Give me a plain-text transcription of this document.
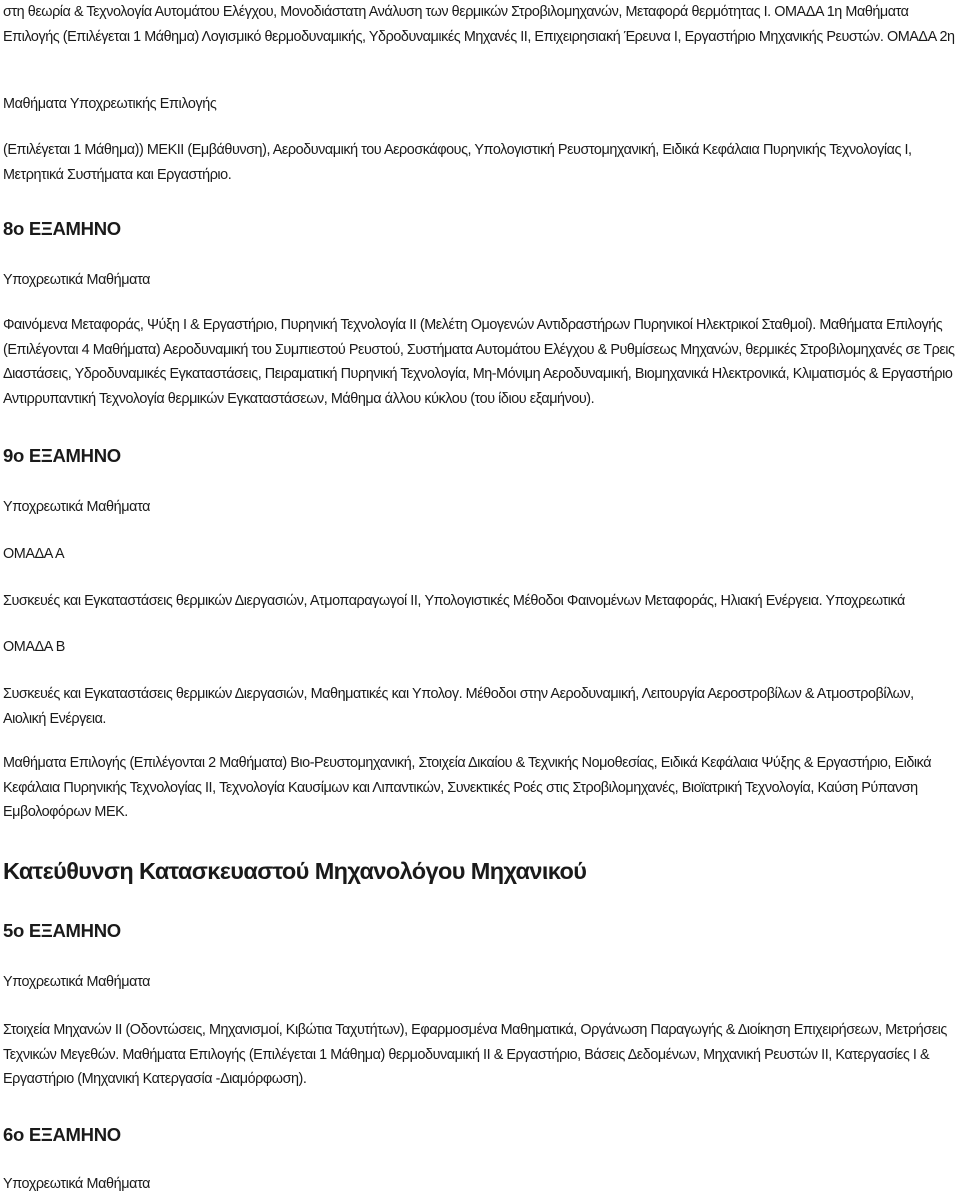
στη θεωρία & Τεχνολογία Αυτομάτου Ελέγχου, Μονοδιάστατη Ανάλυση των θερμικών Στροβιλομηχανών, Μεταφορά θερμότητας I. ΟΜΑΔΑ 1η Μαθήματα Επιλογής (Επιλέγεται 1 Μάθημα) Λογισμικό θερμοδυναμικής, Υδροδυναμικές Μηχανές II, Επιχειρησιακή Έρευνα I, Εργαστήριο Μηχανικής Ρευστών. ΟΜΑΔΑ 2η
Μαθήματα Υποχρεωτικής Επιλογής
(Επιλέγεται 1 Μάθημα)) ΜΕΚΙΙ (Εμβάθυνση), Αεροδυναμική του Αεροσκάφους, Υπολογιστική Ρευστομηχανική, Ειδικά Κεφάλαια Πυρηνικής Τεχνολογίας I, Μετρητικά Συστήματα και Εργαστήριο.
8ο ΕΞΑΜΗΝΟ
Υποχρεωτικά Μαθήματα
Φαινόμενα Μεταφοράς, Ψύξη I & Εργαστήριο, Πυρηνική Τεχνολογία II (Μελέτη Ομογενών Αντιδραστήρων Πυρηνικοί Ηλεκτρικοί Σταθμοί). Μαθήματα Επιλογής (Επιλέγονται 4 Μαθήματα) Αεροδυναμική του Συμπιεστού Ρευστού, Συστήματα Αυτομάτου Ελέγχου & Ρυθμίσεως Μηχανών, θερμικές Στροβιλομηχανές σε Τρεις Διαστάσεις, Υδροδυναμικές Εγκαταστάσεις, Πειραματική Πυρηνική Τεχνολογία, Μη-Μόνιμη Αεροδυναμική, Βιομηχανικά Ηλεκτρονικά, Κλιματισμός & Εργαστήριο Αντιρρυπαντική Τεχνολογία θερμικών Εγκαταστάσεων, Μάθημα άλλου κύκλου (του ίδιου εξαμήνου).
9ο ΕΞΑΜΗΝΟ
Υποχρεωτικά Μαθήματα
ΟΜΑΔΑ Α
Συσκευές και Εγκαταστάσεις θερμικών Διεργασιών, Ατμοπαραγωγοί II, Υπολογιστικές Μέθοδοι Φαινομένων Μεταφοράς, Ηλιακή Ενέργεια. Υποχρεωτικά
ΟΜΑΔΑ Β
Συσκευές και Εγκαταστάσεις θερμικών Διεργασιών, Μαθηματικές και Υπολογ. Μέθοδοι στην Αεροδυναμική, Λειτουργία Αεροστροβίλων & Ατμοστροβίλων, Αιολική Ενέργεια.
Μαθήματα Επιλογής (Επιλέγονται 2 Μαθήματα) Βιο-Ρευστομηχανική, Στοιχεία Δικαίου & Τεχνικής Νομοθεσίας, Ειδικά Κεφάλαια Ψύξης & Εργαστήριο, Ειδικά Κεφάλαια Πυρηνικής Τεχνολογίας II, Τεχνολογία Καυσίμων και Λιπαντικών, Συνεκτικές Ροές στις Στροβιλομηχανές, Βιοϊατρική Τεχνολογία, Καύση Ρύπανση Εμβολοφόρων ΜΕΚ.
Κατεύθυνση Κατασκευαστού Μηχανολόγου Μηχανικού
5ο ΕΞΑΜΗΝΟ
Υποχρεωτικά Μαθήματα
Στοιχεία Μηχανών II (Οδοντώσεις, Μηχανισμοί, Κιβώτια Ταχυτήτων), Εφαρμοσμένα Μαθηματικά, Οργάνωση Παραγωγής & Διοίκηση Επιχειρήσεων, Μετρήσεις Τεχνικών Μεγεθών. Μαθήματα Επιλογής (Επιλέγεται 1 Μάθημα) θερμοδυναμική II & Εργαστήριο, Βάσεις Δεδομένων, Μηχανική Ρευστών II, Κατεργασίες I & Εργαστήριο (Μηχανική Κατεργασία -Διαμόρφωση).
6ο ΕΞΑΜΗΝΟ
Υποχρεωτικά Μαθήματα
